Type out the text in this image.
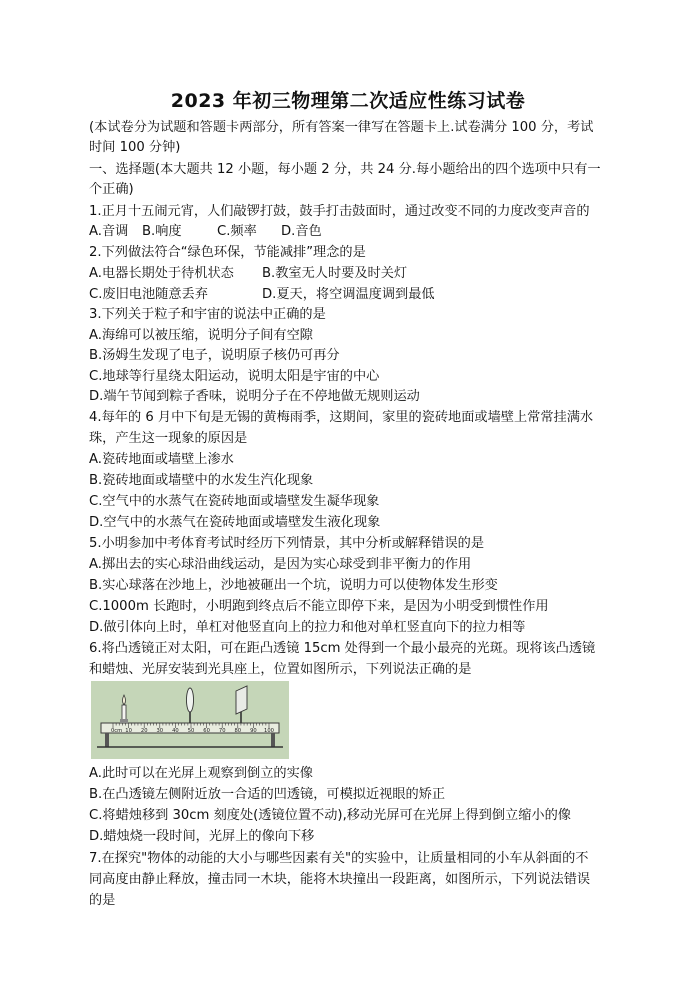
2023 年初三物理第二次适应性练习试卷
(本试卷分为试题和答题卡两部分，所有答案一律写在答题卡上.试卷满分 100 分，考试
时间 100 分钟)
一、选择题(本大题共 12 小题，每小题 2 分，共 24 分.每小题给出的四个选项中只有一
个正确)
1.正月十五闹元宵，人们敲锣打鼓，鼓手打击鼓面时，通过改变不同的力度改变声音的
A.音调 B.响度	C.频率 D.音色
2.下列做法符合“绿色环保，节能减排”理念的是
A.电器长期处于待机状态 B.教室无人时要及时关灯
C.废旧电池随意丢弃	D.夏天，将空调温度调到最低
3.下列关于粒子和宇宙的说法中正确的是
A.海绵可以被压缩，说明分子间有空隙
B.汤姆生发现了电子，说明原子核仍可再分
C.地球等行星绕太阳运动，说明太阳是宇宙的中心
D.端午节闻到粽子香味，说明分子在不停地做无规则运动
4.每年的 6 月中下旬是无锡的黄梅雨季，这期间，家里的瓷砖地面或墙壁上常常挂满水
珠，产生这一现象的原因是
A.瓷砖地面或墙壁上渗水
B.瓷砖地面或墙壁中的水发生汽化现象
C.空气中的水蒸气在瓷砖地面或墙壁发生凝华现象
D.空气中的水蒸气在瓷砖地面或墙壁发生液化现象
5.小明参加中考体育考试时经历下列情景，其中分析或解释错误的是
A.掷出去的实心球沿曲线运动，是因为实心球受到非平衡力的作用
B.实心球落在沙地上，沙地被砸出一个坑，说明力可以使物体发生形变
C.1000m 长跑时，小明跑到终点后不能立即停下来，是因为小明受到惯性作用
D.做引体向上时，单杠对他竖直向上的拉力和他对单杠竖直向下的拉力相等
6.将凸透镜正对太阳，可在距凸透镜 15cm 处得到一个最小最亮的光斑。现将该凸透镜
和蜡烛、光屏安装到光具座上，位置如图所示，下列说法正确的是
0cm 10 20 30 40 50 60 70 80 90 100
A.此时可以在光屏上观察到倒立的实像
B.在凸透镜左侧附近放一合适的凹透镜，可模拟近视眼的矫正
C.将蜡烛移到 30cm 刻度处(透镜位置不动),移动光屏可在光屏上得到倒立缩小的像
D.蜡烛烧一段时间，光屏上的像向下移
7.在探究"物体的动能的大小与哪些因素有关"的实验中，让质量相同的小车从斜面的不
同高度由静止释放，撞击同一木块，能将木块撞出一段距离，如图所示，下列说法错误
的是
